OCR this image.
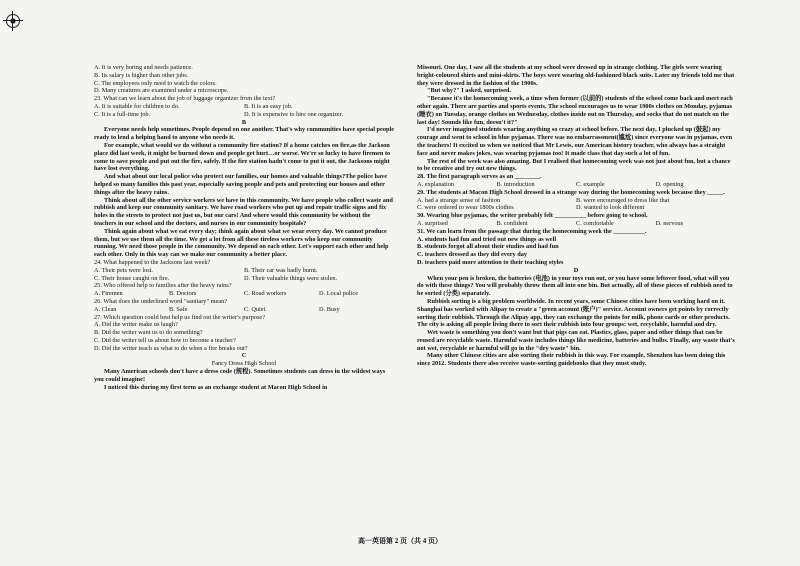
A. It is very boring and needs patience.

B. Its salary is higher than other jobs.

C. The employees only need to watch the colors.

D. Many creatures are examined under a microscope.

23. What can we learn about the job of luggage organizer from the text?

A. It is suitable for children to do.	B. It is an easy job.
C. It is a full-time job.	D. It is expensive to hire one organizer.

B

Everyone needs help sometimes. People depend on one another. That's why communities have special people ready to lend a helping hand to anyone who needs it.

For example, what would we do without a community fire station? If a home catches on fire,as the Jackson place did last week, it might be burned down and people get hurt…or worse. We're so lucky to have firemen to come to save people and put out the fire, safely. If the fire station hadn't come to put it out, the Jacksons might have lost everything.

And what about our local police who protect our families, our homes and valuable things?The police have helped so many families this past year, especially saving people and pets and protecting our houses and other things after the heavy rains.

Think about all the other service workers we have in this community. We have people who collect waste and rubbish and keep our community sanitary. We have road workers who put up and repair traffic signs and fix holes in the streets to protect not just us, but our cars! And where would this community be without the teachers in our school and the doctors, and nurses in our community hospitals?

Think again about what we eat every day; think again about what we wear every day. We cannot produce them, but we use them all the time. We get a lot from all these tireless workers who keep our community running. We need those people in the community. We depend on each other. Let's support each other and help each other. Only in this way can we make our community a better place.

24. What happened to the Jacksons last week?

A. Their pets were lost.	B. Their car was badly burnt.
C. Their house caught on fire.	D. Their valuable things were stolen.

25. Who offered help to families after the heavy rains?

A. Firemen	B. Doctors	C. Road workers	D. Local police

26. What does the underlined word "sanitary" mean?

A. Clean	B. Safe	C. Quiet	D. Busy

27. Which question could best help us find out the writer's purpose?

A. Did the writer make us laugh?

B. Did the writer want us to do something?

C. Did the writer tell us about how to become a teacher?

D. Did the writer teach us what to do when a fire breaks out?

C

Fancy Dress High School

Many American schools don't have a dress code (规程). Sometimes students can dress in the wildest ways you could imagine!

I noticed this during my first term as an exchange student at Macon High School in

Missouri. One day, I saw all the students at my school were dressed up in strange clothing. The girls were wearing bright-coloured shirts and mini-skirts. The boys were wearing old-fashioned black suits. Later my friends told me that they were dressed in the fashion of the 1900s.

"But why?" I asked, surprised.

"Because it's the homecoming week, a time when former (以前的) students of the school come back and meet each other again. There are parties and sports events. The school encourages us to wear 1900s clothes on Monday, pyjamas (睡衣) on Tuesday, orange clothes on Wednesday, clothes inside out on Thursday, and socks that do not match on the last day! Sounds like fun, doesn't it?"

I'd never imagined students wearing anything so crazy at school before. The next day, I plucked up (鼓起) my courage and went to school in blue pyjamas. There was no embarrassment(尴尬) since everyone was in pyjamas, even the teachers! It excited us when we noticed that Mr Lewis, our American history teacher, who always has a straight face and never makes jokes, was wearing pyjamas too! It made class that day such a lot of fun.

The rest of the week was also amazing. But I realised that homecoming week was not just about fun, but a chance to be creative and try out new things.

28. The first paragraph serves as an ________.

A. explanation	B. introduction	C. example	D. opening

29. The students at Macon High School dressed in a strange way during the homecoming week because they _____.

A. had a strange sense of fashion	B. were encouraged to dress like that
C. were ordered to wear 1800s clothes	D. wanted to look different

30. Wearing blue pyjamas, the writer probably felt __________ before going to school.

A. surprised	B. confident	C. comfortable	D. nervous

31. We can learn from the passage that during the homecoming week the __________.

A. students had fun and tried out new things as well

B. students forgot all about their studies and had fun

C. teachers dressed as they did every day

D. teachers paid more attention to their teaching styles

D

When your pen is broken, the batteries (电池) in your toys run out, or you have some leftover food, what will you do with these things? You will probably throw them all into one bin. But actually, all of these pieces of rubbish need to be sorted (分类) separately.

Rubbish sorting is a big problem worldwide. In recent years, some Chinese cities have been working hard on it. Shanghai has worked with Alipay to create a "green account (账户)" service. Account owners get points by correctly sorting their rubbish. Through the Alipay app, they can exchange the points for milk, phone cards or other products. The city is asking all people living there to sort their rubbish into four groups: wet, recyclable, harmful and dry.

Wet waste is something you don't want but that pigs can eat. Plastics, glass, paper and other things that can be reused are recyclable waste. Harmful waste includes things like medicine, batteries and bulbs. Finally, any waste that's not wet, recyclable or harmful will go in the "dry waste" bin.

Many other Chinese cities are also sorting their rubbish in this way. For example, Shenzhen has been doing this since 2012. Students there also receive waste-sorting guidebooks that they must study.

高一英语第 2 页（共 4 页）
